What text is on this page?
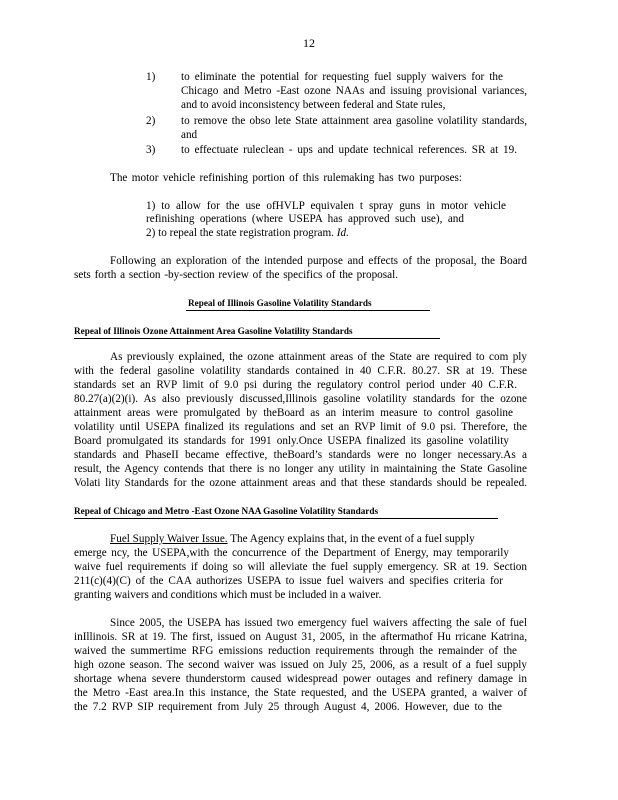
12
1) to eliminate the potential for requesting fuel supply waivers for the
Chicago and Metro -East ozone NAAs and issuing provisional variances,
and to avoid inconsistency between federal and State rules,
2) to remove the obso lete State attainment area gasoline volatility standards,
and
3) to effectuate ruleclean - ups and update technical references. SR at 19.
The motor vehicle refinishing portion of this rulemaking has two purposes:
1) to allow for the use ofHVLP equivalen t spray guns in motor vehicle
refinishing operations (where USEPA has approved such use), and
2) to repeal the state registration program. Id.
Following an exploration of the intended purpose and effects of the proposal, the Board
sets forth a section -by-section review of the specifics of the proposal.
Repeal of Illinois Gasoline Volatility Standards
Repeal of Illinois Ozone Attainment Area Gasoline Volatility Standards
As previously explained, the ozone attainment areas of the State are required to com ply
with the federal gasoline volatility standards contained in 40 C.F.R. 80.27. SR at 19. These
standards set an RVP limit of 9.0 psi during the regulatory control period under 40 C.F.R.
80.27(a)(2)(i). As also previously discussed,Illinois gasoline volatility standards for the ozone
attainment areas were promulgated by theBoard as an interim measure to control gasoline
volatility until USEPA finalized its regulations and set an RVP limit of 9.0 psi. Therefore, the
Board promulgated its standards for 1991 only.Once USEPA finalized its gasoline volatility
standards and PhaseII became effective, theBoard’s standards were no longer necessary.As a
result, the Agency contends that there is no longer any utility in maintaining the State Gasoline
Volati lity Standards for the ozone attainment areas and that these standards should be repealed.
Repeal of Chicago and Metro -East Ozone NAA Gasoline Volatility Standards
Fuel Supply Waiver Issue. The Agency explains that, in the event of a fuel supply
emerge ncy, the USEPA,with the concurrence of the Department of Energy, may temporarily
waive fuel requirements if doing so will alleviate the fuel supply emergency. SR at 19. Section
211(c)(4)(C) of the CAA authorizes USEPA to issue fuel waivers and specifies criteria for
granting waivers and conditions which must be included in a waiver.
Since 2005, the USEPA has issued two emergency fuel waivers affecting the sale of fuel
inIllinois. SR at 19. The first, issued on August 31, 2005, in the aftermathof Hu rricane Katrina,
waived the summertime RFG emissions reduction requirements through the remainder of the
high ozone season. The second waiver was issued on July 25, 2006, as a result of a fuel supply
shortage whena severe thunderstorm caused widespread power outages and refinery damage in
the Metro -East area.In this instance, the State requested, and the USEPA granted, a waiver of
the 7.2 RVP SIP requirement from July 25 through August 4, 2006. However, due to the
